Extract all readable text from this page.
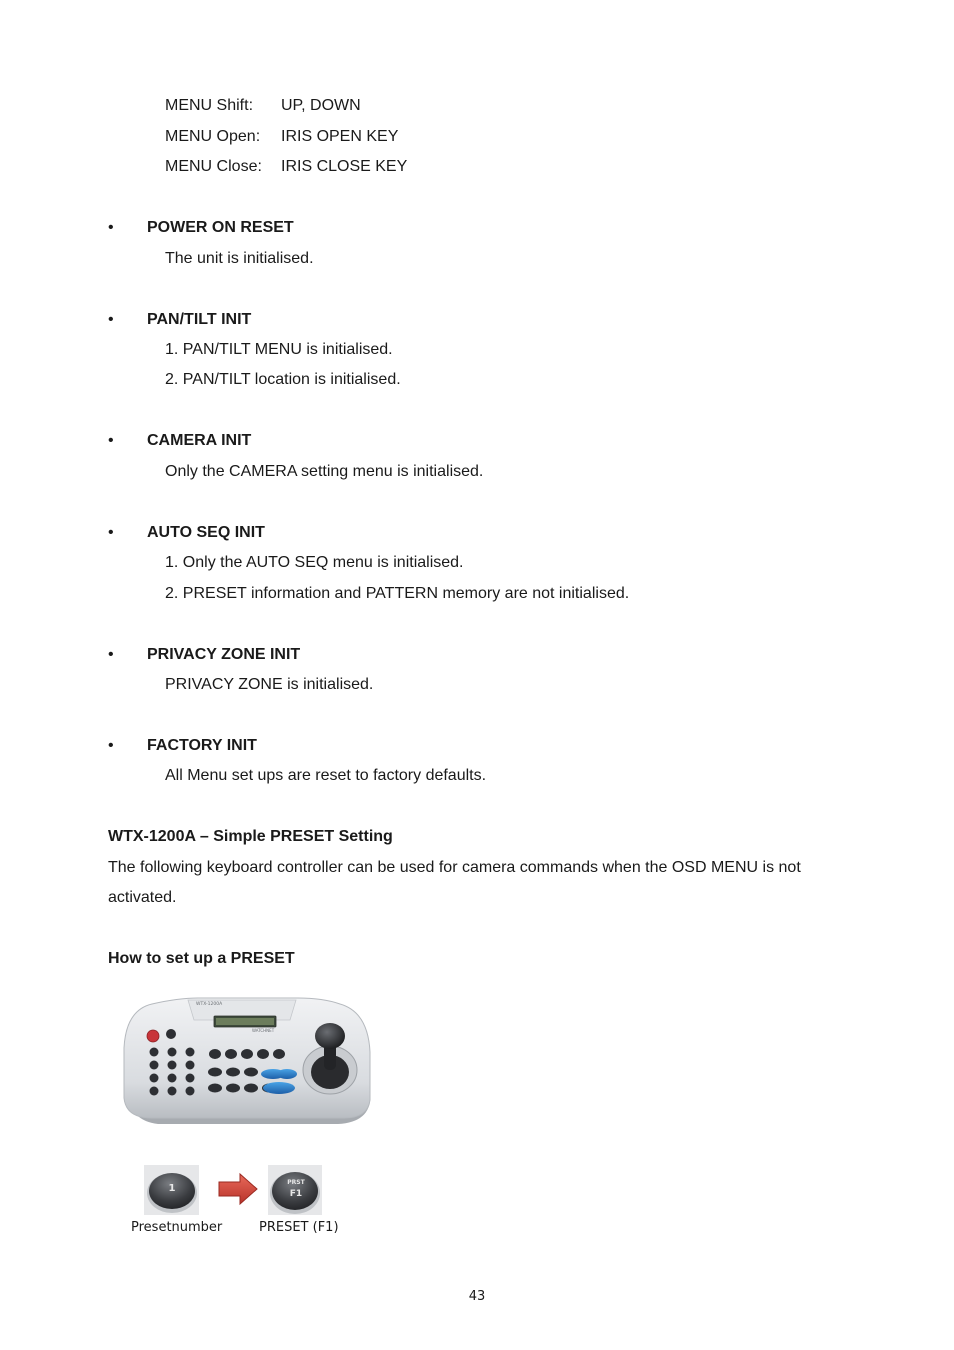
MENU Shift: UP, DOWN
MENU Open: IRIS OPEN KEY
MENU Close: IRIS CLOSE KEY
• POWER ON RESET
The unit is initialised.
• PAN/TILT INIT
1. PAN/TILT MENU is initialised.
2. PAN/TILT location is initialised.
• CAMERA INIT
Only the CAMERA setting menu is initialised.
• AUTO SEQ INIT
1. Only the AUTO SEQ menu is initialised.
2. PRESET information and PATTERN memory are not initialised.
• PRIVACY ZONE INIT
PRIVACY ZONE is initialised.
• FACTORY INIT
All Menu set ups are reset to factory defaults.
WTX-1200A – Simple PRESET Setting
The following keyboard controller can be used for camera commands when the OSD MENU is not
activated.
How to set up a PRESET
WTX-1200A
WATCHNET
1
PRST
F1
Presetnumber	PRESET (F1)
43
